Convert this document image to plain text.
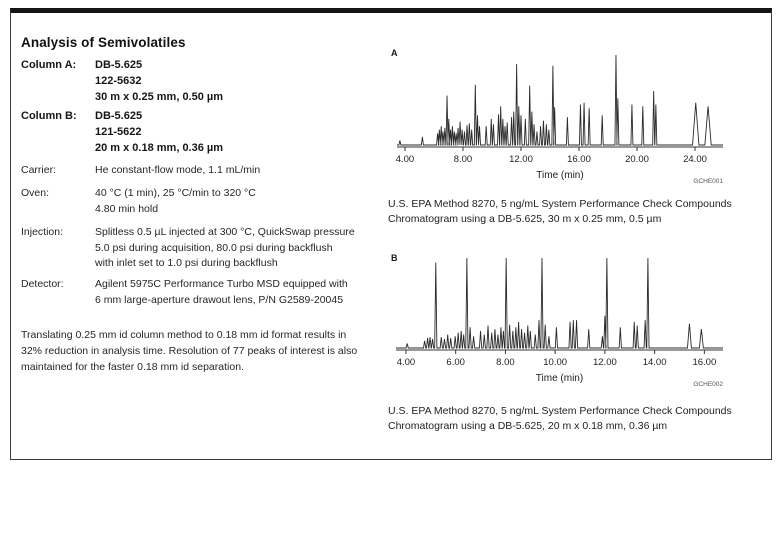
Analysis of Semivolatiles
Column A:	DB-5.625
122-5632
30 m x 0.25 mm, 0.50 µm
Column B:	DB-5.625
121-5622
20 m x 0.18 mm, 0.36 µm
Carrier:	He constant-flow mode, 1.1 mL/min
Oven:	40 °C (1 min), 25 °C/min to 320 °C
4.80 min hold
Injection:	Splitless 0.5 µL injected at 300 °C, QuickSwap pressure
5.0 psi during acquisition, 80.0 psi during backflush
with inlet set to 1.0 psi during backflush
Detector:	Agilent 5975C Performance Turbo MSD equipped with
6 mm large-aperture drawout lens, P/N G2589-20045
Translating 0.25 mm id column method to 0.18 mm id format results in
32% reduction in analysis time. Resolution of 77 peaks of interest is also
maintained for the faster 0.18 mm id separation.
A
4.00	8.00	12.00	16.00	20.00	24.00
Time (min)
GCHE001
U.S. EPA Method 8270, 5 ng/mL System Performance Check Compounds
Chromatogram using a DB-5.625, 30 m x 0.25 mm, 0.5 µm
B
4.00	6.00	8.00	10.00	12.00	14.00	16.00
Time (min)
GCHE002
U.S. EPA Method 8270, 5 ng/mL System Performance Check Compounds
Chromatogram using a DB-5.625, 20 m x 0.18 mm, 0.36 µm
